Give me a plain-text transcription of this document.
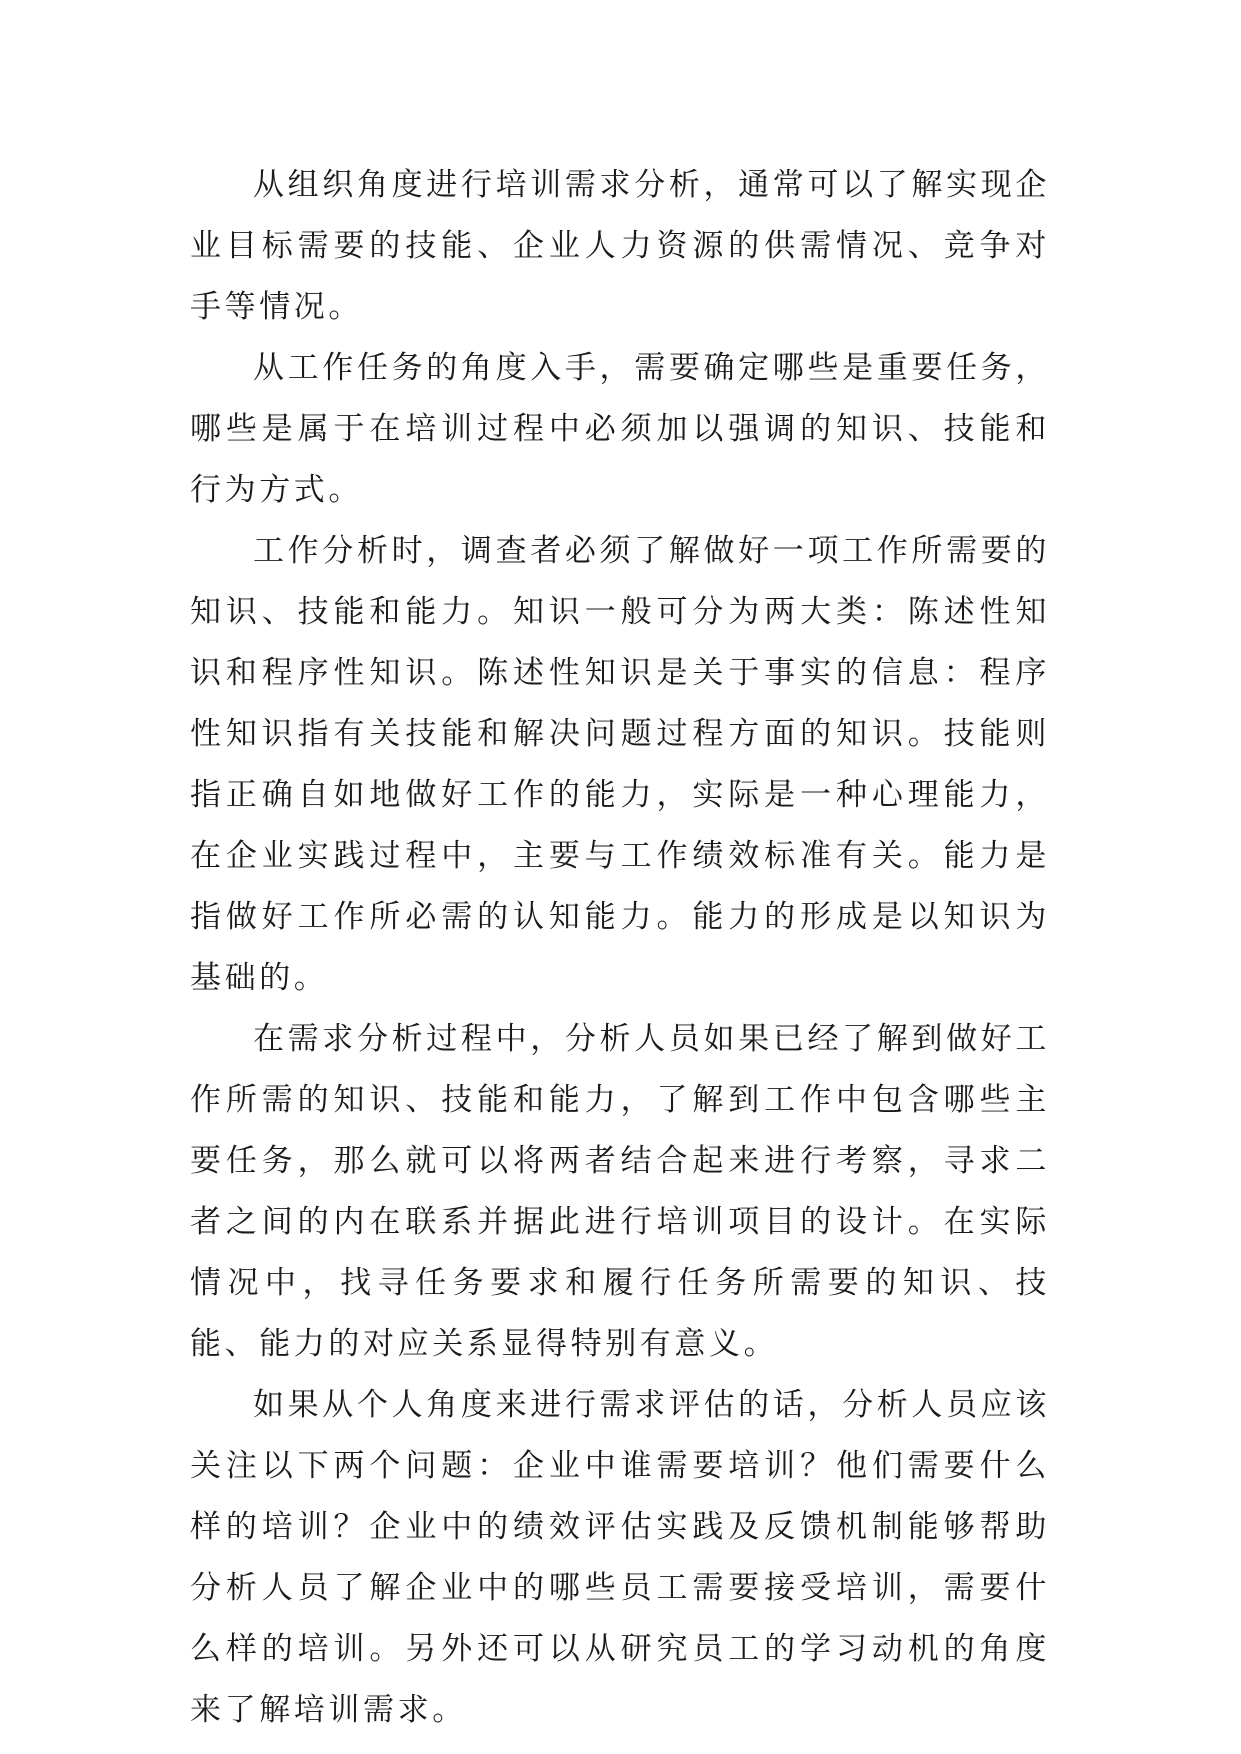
从组织角度进行培训需求分析，通常可以了解实现企业目标需要的技能、企业人力资源的供需情况、竞争对手等情况。

从工作任务的角度入手，需要确定哪些是重要任务，哪些是属于在培训过程中必须加以强调的知识、技能和行为方式。

工作分析时，调查者必须了解做好一项工作所需要的知识、技能和能力。知识一般可分为两大类：陈述性知识和程序性知识。陈述性知识是关于事实的信息：程序性知识指有关技能和解决问题过程方面的知识。技能则指正确自如地做好工作的能力，实际是一种心理能力，在企业实践过程中，主要与工作绩效标准有关。能力是指做好工作所必需的认知能力。能力的形成是以知识为基础的。

在需求分析过程中，分析人员如果已经了解到做好工作所需的知识、技能和能力，了解到工作中包含哪些主要任务，那么就可以将两者结合起来进行考察，寻求二者之间的内在联系并据此进行培训项目的设计。在实际情况中，找寻任务要求和履行任务所需要的知识、技能、能力的对应关系显得特别有意义。

如果从个人角度来进行需求评估的话，分析人员应该关注以下两个问题：企业中谁需要培训？他们需要什么样的培训？企业中的绩效评估实践及反馈机制能够帮助分析人员了解企业中的哪些员工需要接受培训，需要什么样的培训。另外还可以从研究员工的学习动机的角度来了解培训需求。
